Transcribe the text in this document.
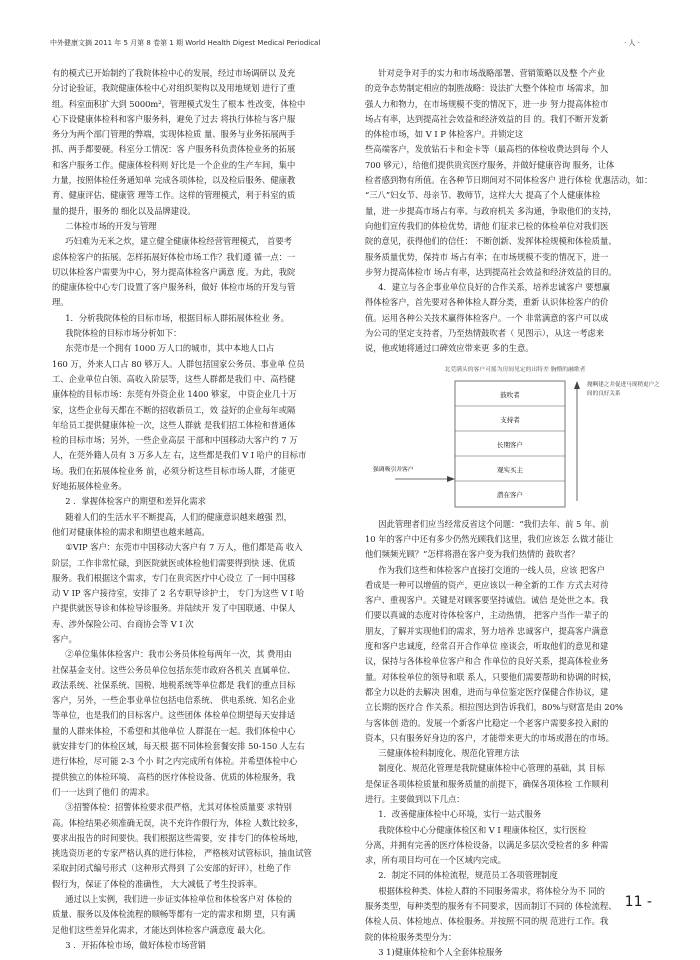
中外健康文摘 2011 年 5 月第 8 卷第 1 期 World Health Digest Medical Periodical	· 人 ·

有的模式已开始制约了我院体检中心的发展，经过市场调研以 及充

分讨论验证，我院健康体检中心对组织架构以及用地规划 进行了重

组。科室面积扩大到 5000m²，管理模式发生了根本 性改变，体检中

心下设健康体检科和客户服务科，避免了过去 将执行体检与客户服

务分为两个部门管理的弊端，实现体检质 量、服务与业务拓展两手

抓、两手都要硬。科室分工情况：客 户服务科负责体检业务的拓展

和客户服务工作。健康体检科则 好比是一个企业的生产车间，集中

力量，按照体检任务通知单 完成各项体检，以及检后服务、健康教

育、健康评估、健康管 理等工作。这样的管理模式，利于科室的质

量的提升，服务的 细化以及品牌建设。

二体检市场的开发与管理

巧妇难为无米之炊，建立健全健康体检经营管理模式， 首要考

虑体检客户的拓展。怎样拓展好体检市场工作？我们遵 循一点：一

切以体检客户需要为中心，努力提高体检客户满意 度。为此，我院

的健康体检中心专门设置了客户服务科，做好 体检市场的开发与管

理。

1．分析我院体检的目标市场，根据目标人群拓展体检业 务。

我院体检的目标市场分析如下：

东莞市是一个拥有 1000 万人口的城市，其中本地人口占

160 万，外来人口占 80 够万人。人群包括国家公务员、事业单 位员

工、企业单位白领、高收入阶层等，这些人群都是我们 中、高档健

康体检的目标市场：东莞有外资企业 1400 够家， 中资企业几十万

家，这些企业每天都在不断的招收新员工，效 益好的企业每年或隔

年给员工提供健康体检一次，这些人群就 是我们招工体检和普通体

检的目标市场；另外，一些企业高层 干部和中国移动大客户约 7 万

人，在莞外籍人员有 3 万多人左 右，这些都是我们 V I 哈户的目标市

场。我们在拓展体检业务 前，必须分析这些目标市场人群，才能更

好地拓展体检业务。

2 ．掌握体检客户的期望和差异化需求

随着人们的生活水平不断提高，人们的健康意识越来越强 烈，

他们对健康体检的需求和期望也越来越高。

①VIP 客户：东莞市中国移动大客户有 7 万人，他们都是高 收入

阶层，工作非常忙碌，到医院就医或体检他们需要得到快 速、优质

服务。我们根据这个需求，专门在贵宾医疗中心设立 了一间中国移

动 V IP 客户接待室，安排了 2 名专职导诊护士， 专门为这些 V I 哈

户提供就医导诊和体检导诊服务。并陆续开 发了中国联通、中保人

寿、涉外保险公司、台商协会等 V I 次

客户。

②单位集体体检客户：我市公务员体检每两年一次，其 费用由

社保基金支付。这些公务员单位包括东莞市政府各机关 直属单位、

政法系统、社保系统、国税、地税系统等单位都是 我们的重点目标

客户，另外，一些企事业单位包括电信系统、 供电系统、知名企业

等单位，也是我们的目标客户。这些团体 体检单位期望每天安排适

量的人群来体检，不希望和其他单位 人群混在一起。我们体检中心

就安排专门的体检区域，每天根 据不同体检套餐安排 50-150 人左右

进行体检，尽可能 2-3 个小 时之内完成所有体检。并希望体检中心

提供独立的体检环境、 高档的医疗体检设备、优质的体检服务，我

们一一达到了他们 的需求。

③招警体检：招警体检要求很严格，尤其对体检质量要 求特别

高。体检结果必须准确无误，决不充许作假行为，体检 人数比较多，

要求出报告的时间要快。我们根据这些需要，安 排专门的体检场地，

挑选资历老的专家严格认真的进行体检， 严格核对试管标识，抽血试管

采取封闭式编号形式（这种形式得到 了公安部的好评），杜绝了作

假行为，保证了体检的准确性， 大大减低了考生投诉率。

通过以上实例，我们进一步证实体检单位和体检客户对 体检的

质量、服务以及体检流程的顺畅等都有一定的需求和期 望，只有满

足他们这些差异化需求，才能达到体检客户满意度 最大化。

3 ．开拓体检市场，做好体检市场营销

针对竞争对手的实力和市场战略部署、营销策略以及整 个产业

的竞争态势制定相应的制胜战略：设法扩大整个体检市 场需求，加

强人力和物力，在市场规模不变的情况下，进一步 努力提高体检市

场占有率，达到提高社会效益和经济效益的目 的。我们不断开发新

的体检市场，如 V I P 体检客户。并锁定这

些高端客户，发放钻石卡和金卡等（最高档的体检收费达到每 个人

700 够元），给他们提供贵宾医疗服务，并做好健康咨询 服务，让体

检者感到物有所值。在各种节日期间对不同体检客户 进行体检 优惠活动，如：

“三八”妇女节、母亲节、教师节，这样大大 提高了个人健康体检

量，进一步提高市场占有率。与政府机关 多沟通，争取他们的支持，

向他们宣传我们的体检优势，请他 们征求已检的体检单位对我们医

院的意见，获得他们的信任： 不断创新、发挥体检规模和体检质量、

服务质量优势，保持市 场占有率；在市场规模不变的情况下，进一

步努力提高体检市 场占有率，达到提高社会效益和经济效益的目的。

4．建立与各企事业单位良好的合作关系，培养忠诚客户 要想赢

得体检客户，首先要对各种体检人群分类，重新 认识体检客户的价

值。运用各种公关技术赢得体检客户。一个 非常满意的客户可以成

为公司的坚定支持者，乃至热情鼓吹者（ 见图示），从这一考虑来

说，他或她将通过口碑效应带来更 多的生意。

北莞满头的客户可摇为房间见定的出特差 胸懵的融歌者
鼓吹者
支持者
长期客户
观实买主
潜在客户
强调吸引并客户
抛啊建之并促进马现稍更户之间的良好关系

因此管理者们应当经常反省这个问题：“我们去年、前 5 年、前

10 年的客户中还有多少仍然光顾我们这里，我们应该怎 么做才能让

他们频频光顾？”怎样将潜在客户变为我们热情的 鼓吹者？

作为我们这些和体检客户直接打交道的一线人员，应该 把客户

看成是一种可以增值的资产，更应该以一种全新的工作 方式去对待

客户、重视客户。关键是对顾客要坚持诚信。诚信 是处世之本。我

们要以真诚的态度对待体检客户，主动热情， 把客户当作一辈子的

朋友，了解并实现他们的需求，努力培养 忠诚客户，提高客户满意

度和客户忠诚度，经常召开合作单位 座谈会，听取他们的意见和建

议，保持与各体检单位客户和合 作单位的良好关系，提高体检业务

量。对体检单位的领导和联 系人，只要他们需要帮助和协调的时候，

都全力以赴的去解决 困难，进而与单位鉴定医疗保健合作协议，建

立长期的医疗合 作关系。相拉图达到告诉我们，80%与财富是由 20%

与客体创 造的。发展一个新客户比稳定一个老客户需要多投入耐的

资本，只有服务好身边的客户，才能带来更大的市场或潜在的市场。

三健康体检科制度化、规范化管理方法

制度化、规范化管理是我院健康体检中心管理的基础，其 目标

是保证各项体检质量和服务质量的前提下，确保各项体检 工作顺利

进行。主要做到以下几点：

1．改善健康体检中心环境，实行一站式服务

我院体检中心分健康体检区和 V I 哩康体检区，实行医检

分离，并拥有完善的医疗体检设备，以满足多层次受检者的多 种需

求，所有项目均可在一个区域内完成。

2．制定不同的体检流程，规范员工各项管理制度

根据体检种类、体检人群的不同服务需求，将体检分为不 同的

服务类型，每种类型的服务有不同要求，因而制订不同的 体检流程、

体检人员、体检地点、体检服务。并按照不同的规 范进行工作。我

院的体检服务类型分为：

3 1)健康体检和个人全套体检服务

11 -
